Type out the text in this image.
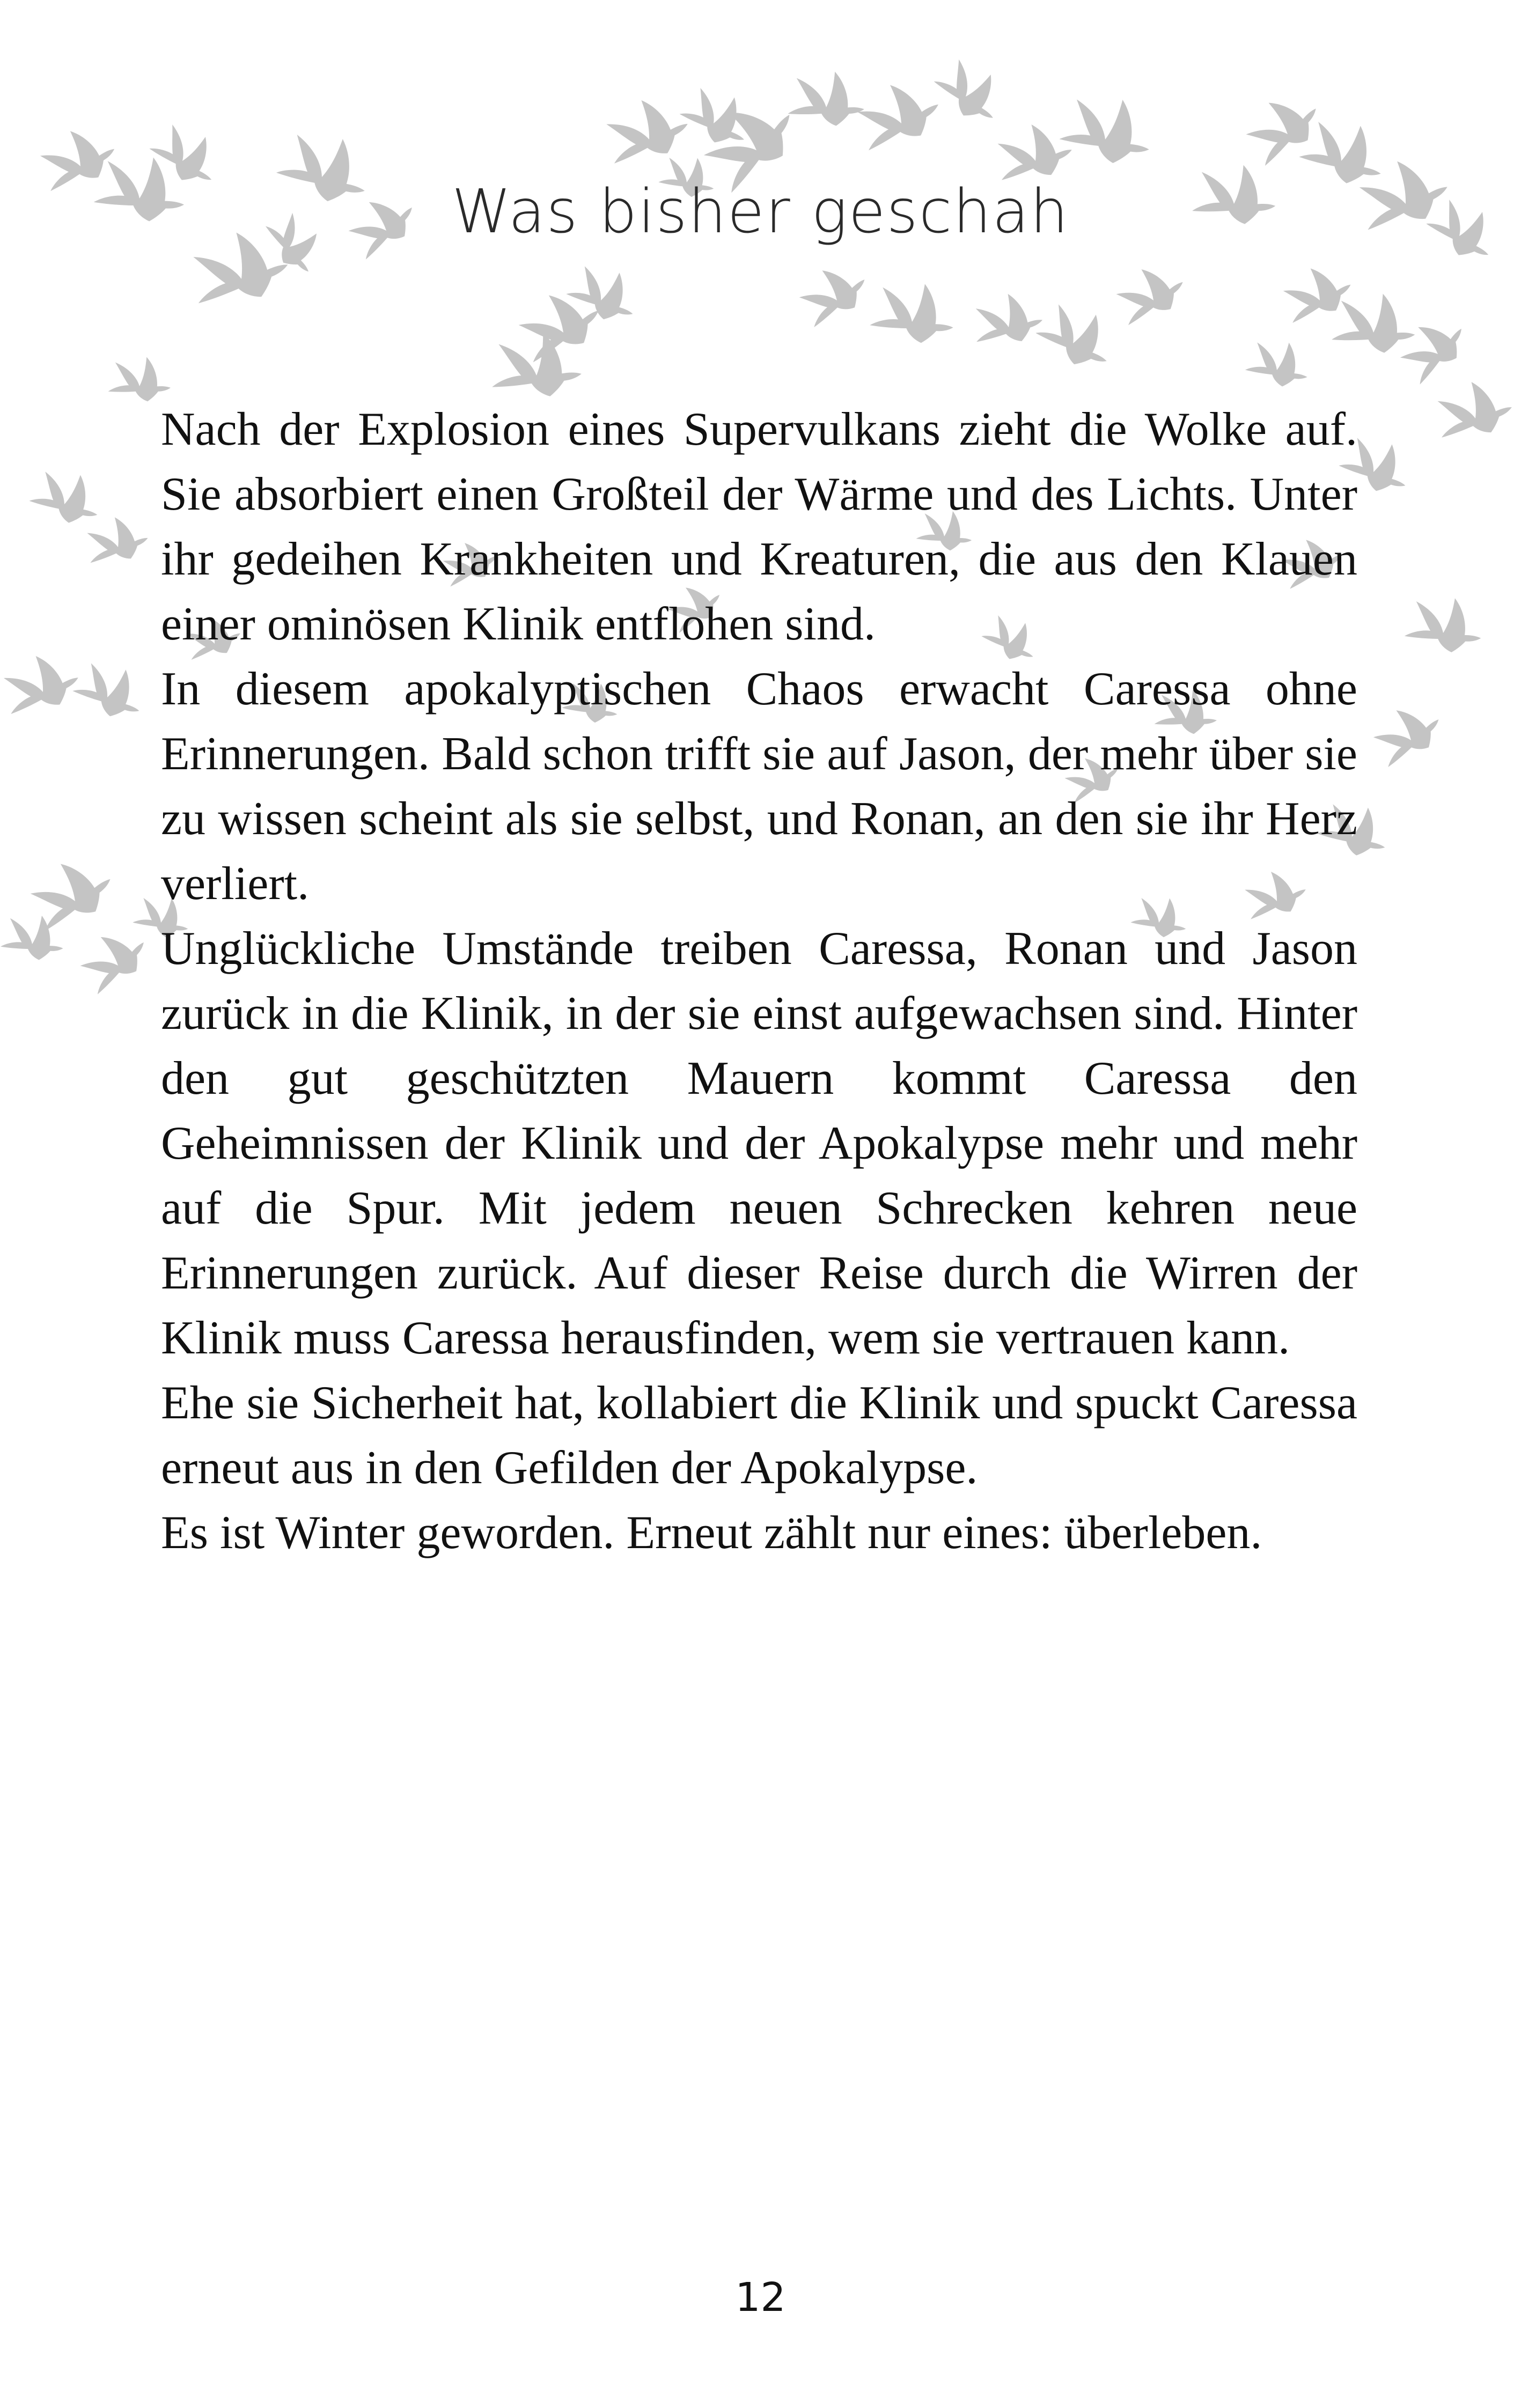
Was bisher geschah

Nach der Explosion eines Supervulkans zieht die Wolke auf. Sie absorbiert einen Großteil der Wärme und des Lichts. Unter ihr gedeihen Krankheiten und Kreaturen, die aus den Klauen einer ominösen Klinik entflohen sind.

In diesem apokalyptischen Chaos erwacht Caressa ohne Erinnerungen. Bald schon trifft sie auf Jason, der mehr über sie zu wissen scheint als sie selbst, und Ronan, an den sie ihr Herz verliert.

Unglückliche Umstände treiben Caressa, Ronan und Jason zurück in die Klinik, in der sie einst aufgewachsen sind. Hinter den gut geschützten Mauern kommt Caressa den Geheimnissen der Klinik und der Apokalypse mehr und mehr auf die Spur. Mit jedem neuen Schrecken kehren neue Erinnerungen zurück. Auf dieser Reise durch die Wirren der Klinik muss Caressa herausfinden, wem sie vertrauen kann.

Ehe sie Sicherheit hat, kollabiert die Klinik und spuckt Caressa erneut aus in den Gefilden der Apokalypse.

Es ist Winter geworden. Erneut zählt nur eines: überleben.

12
